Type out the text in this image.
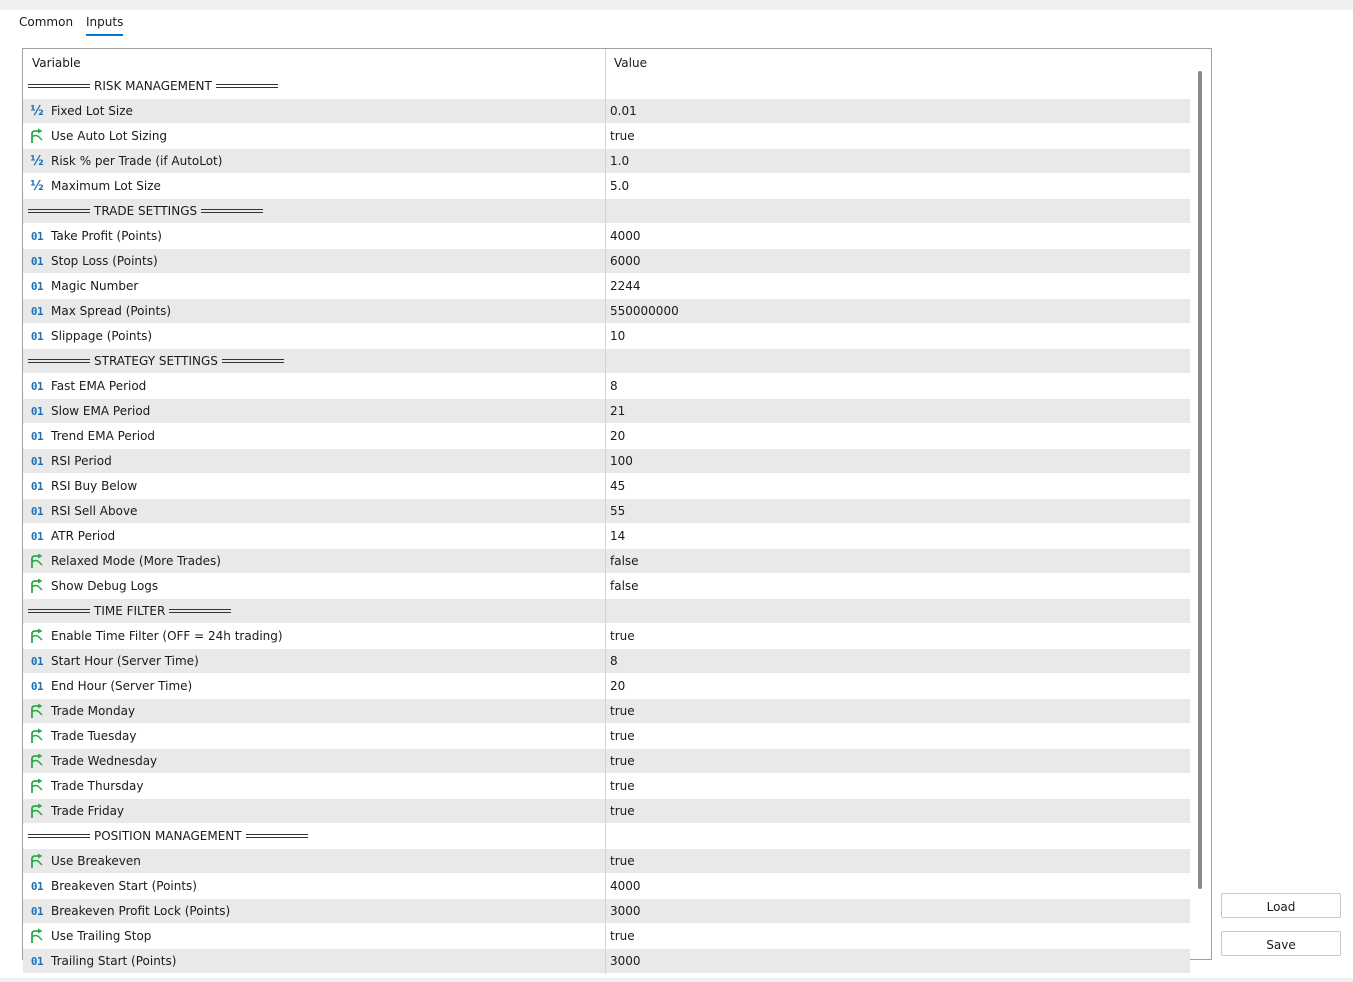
Common Inputs
Variable	Value
RISK MANAGEMENT
½ Fixed Lot Size	0.01
Use Auto Lot Sizing	true
½ Risk % per Trade (if AutoLot)	1.0
½ Maximum Lot Size	5.0
TRADE SETTINGS
01 Take Profit (Points)	4000
01 Stop Loss (Points)	6000
01 Magic Number	2244
01 Max Spread (Points)	550000000
01 Slippage (Points)	10
STRATEGY SETTINGS
01 Fast EMA Period	8
01 Slow EMA Period	21
01 Trend EMA Period	20
01 RSI Period	100
01 RSI Buy Below	45
01 RSI Sell Above	55
01 ATR Period	14
Relaxed Mode (More Trades)	false
Show Debug Logs	false
TIME FILTER
Enable Time Filter (OFF = 24h trading)	true
01 Start Hour (Server Time)	8
01 End Hour (Server Time)	20
Trade Monday	true
Trade Tuesday	true
Trade Wednesday	true
Trade Thursday	true
Trade Friday	true
POSITION MANAGEMENT
Use Breakeven	true
01 Breakeven Start (Points)	4000
01 Breakeven Profit Lock (Points)	3000
Use Trailing Stop	true
01 Trailing Start (Points)	3000
Load
Save
